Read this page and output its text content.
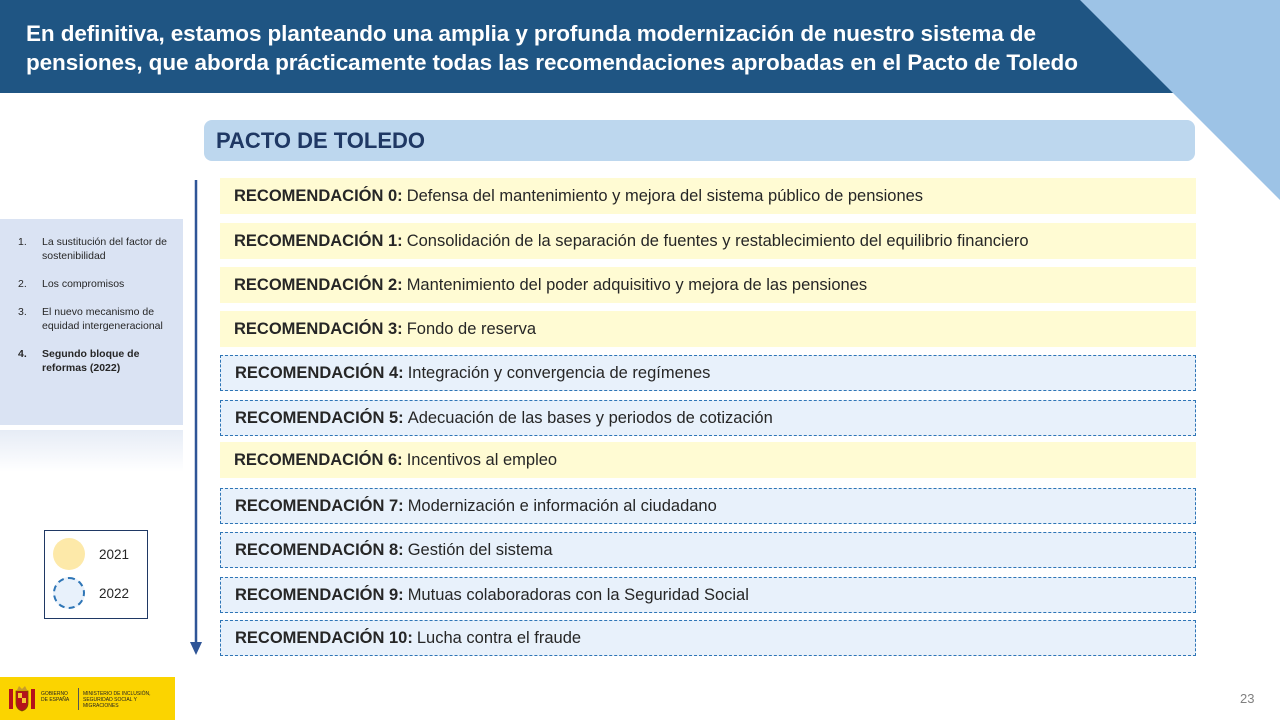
En definitiva, estamos planteando una amplia y profunda modernización de nuestro sistema de pensiones, que aborda prácticamente todas las recomendaciones aprobadas en el Pacto de Toledo
PACTO DE TOLEDO
RECOMENDACIÓN 0: Defensa del mantenimiento y mejora del sistema público de pensiones
RECOMENDACIÓN 1: Consolidación de la separación de fuentes y restablecimiento del equilibrio financiero
RECOMENDACIÓN 2: Mantenimiento del poder adquisitivo y mejora de las pensiones
RECOMENDACIÓN 3: Fondo de reserva
RECOMENDACIÓN 4: Integración y convergencia de regímenes
RECOMENDACIÓN 5: Adecuación de las bases y periodos de cotización
RECOMENDACIÓN 6: Incentivos al empleo
RECOMENDACIÓN 7: Modernización e información al ciudadano
RECOMENDACIÓN 8: Gestión del sistema
RECOMENDACIÓN 9: Mutuas colaboradoras con la Seguridad Social
RECOMENDACIÓN 10: Lucha contra el fraude
1.	La sustitución del factor de sostenibilidad
2.	Los compromisos
3.	El nuevo mecanismo de equidad intergeneracional
4.	Segundo bloque de reformas (2022)
2021
2022
GOBIERNO DE ESPAÑA
MINISTERIO DE INCLUSIÓN, SEGURIDAD SOCIAL Y MIGRACIONES	23
